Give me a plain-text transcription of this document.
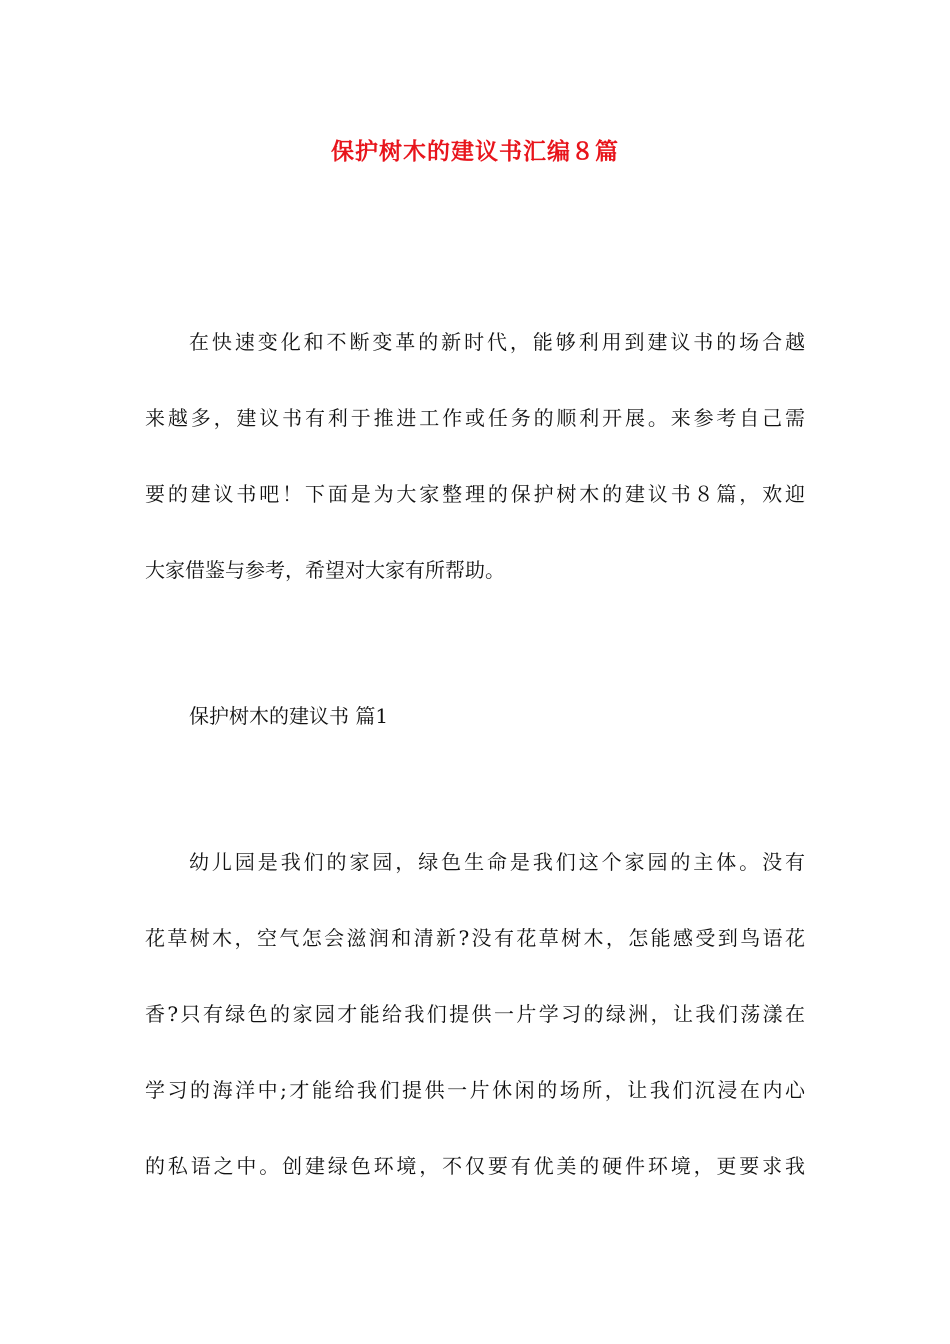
保护树木的建议书汇编８篇
在快速变化和不断变革的新时代，能够利用到建议书的场合越
来越多，建议书有利于推进工作或任务的顺利开展。来参考自己需
要的建议书吧！下面是为大家整理的保护树木的建议书８篇，欢迎
大家借鉴与参考，希望对大家有所帮助。
保护树木的建议书 篇1
幼儿园是我们的家园，绿色生命是我们这个家园的主体。没有
花草树木，空气怎会滋润和清新?没有花草树木，怎能感受到鸟语花
香?只有绿色的家园才能给我们提供一片学习的绿洲，让我们荡漾在
学习的海洋中;才能给我们提供一片休闲的场所，让我们沉浸在内心
的私语之中。创建绿色环境，不仅要有优美的硬件环境，更要求我
